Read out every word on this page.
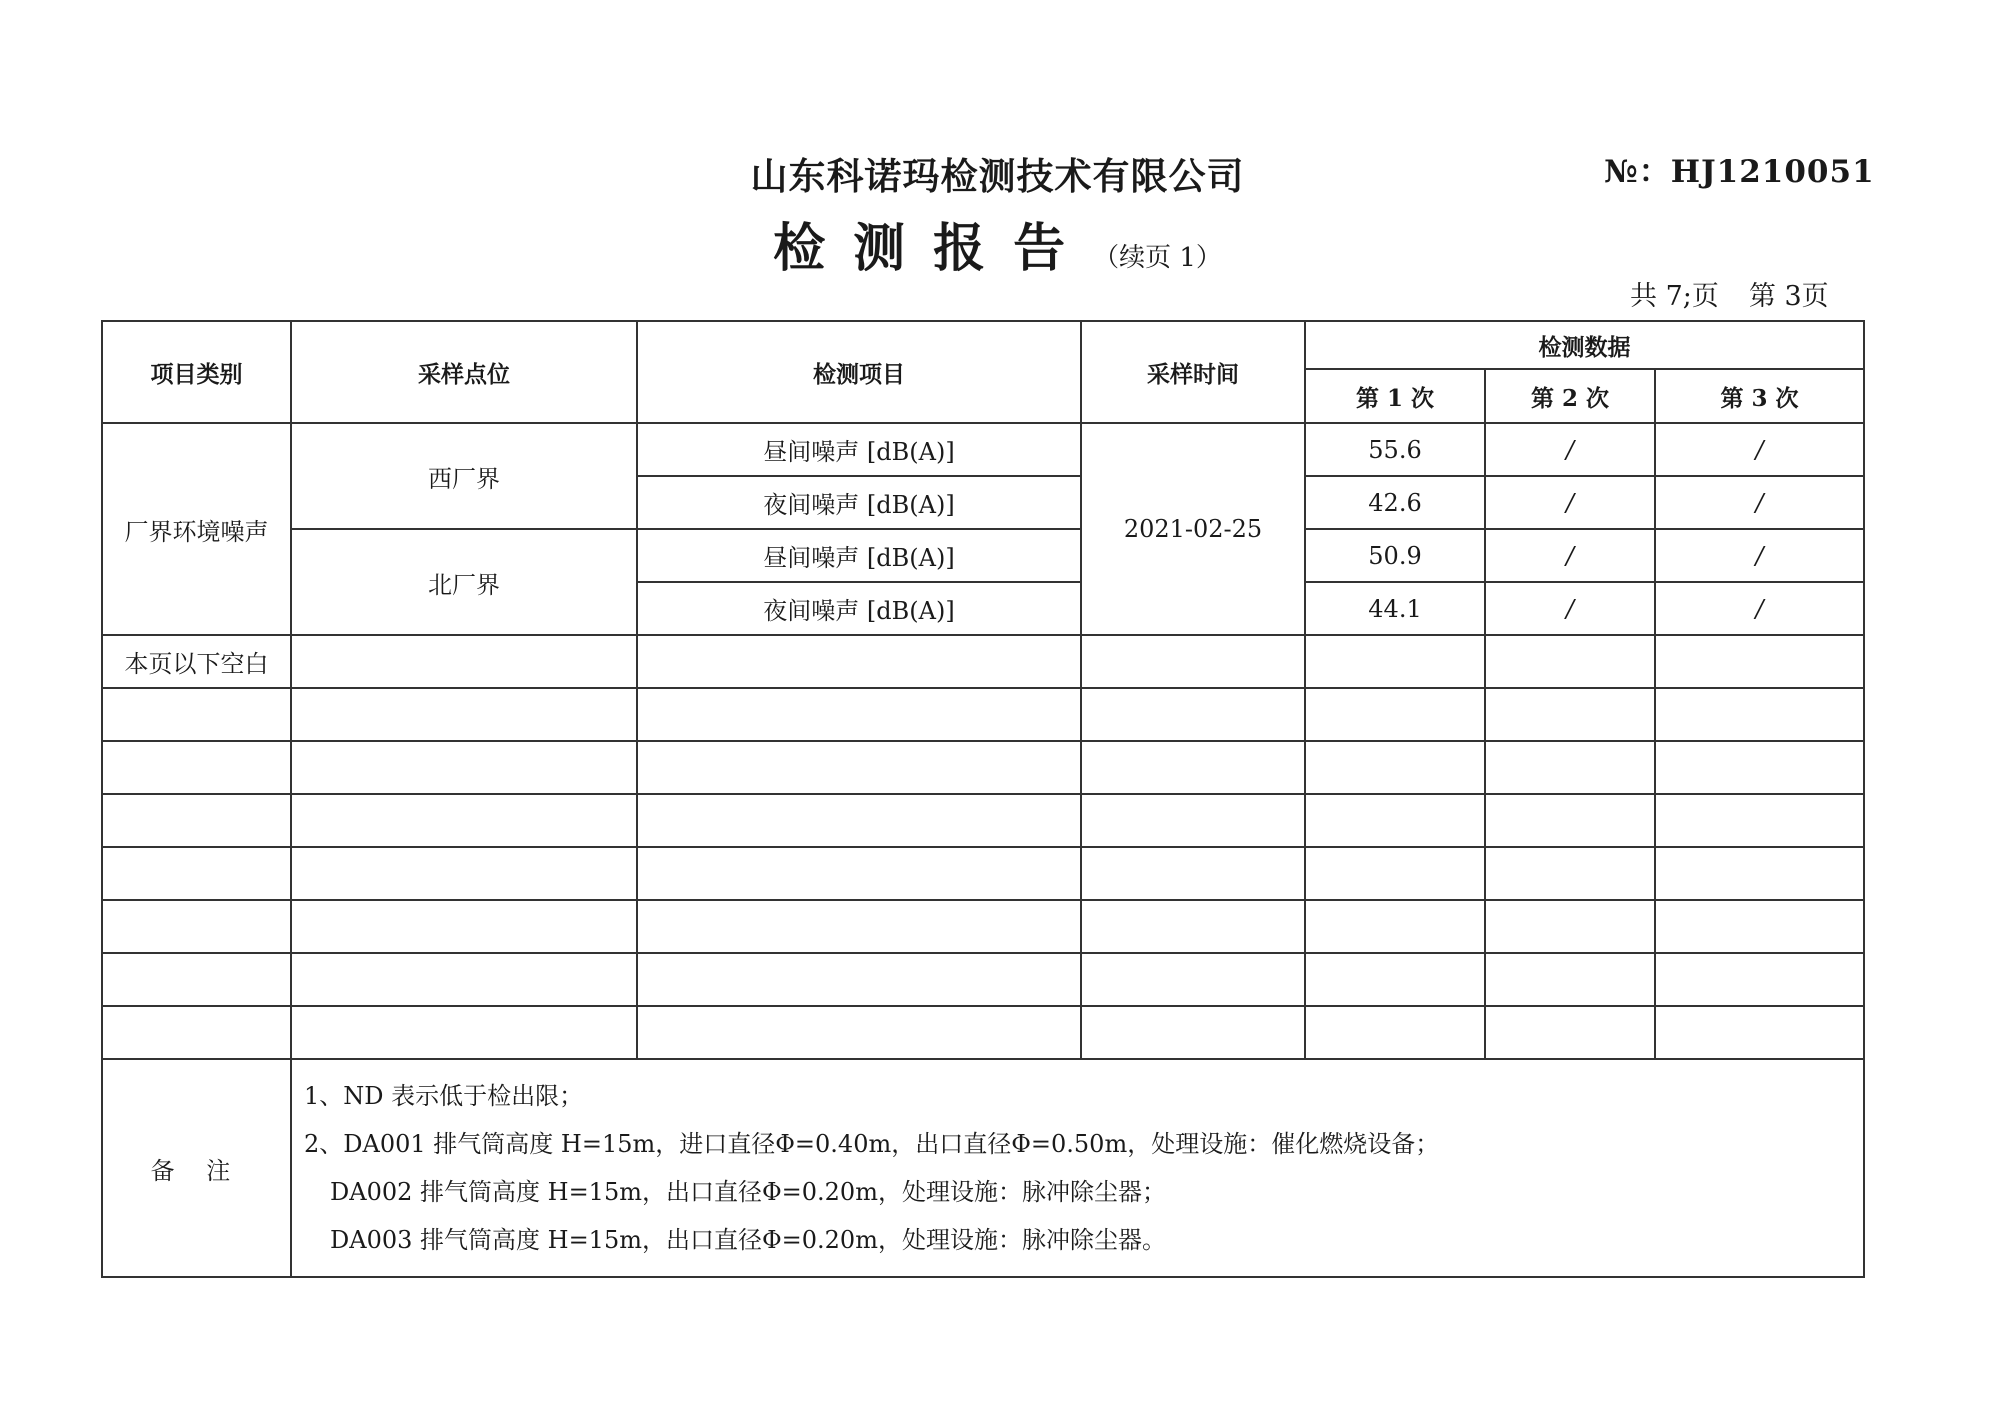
山东科诺玛检测技术有限公司	№：HJ1210051
检测报告（续页 1）
共 7;页 第 3页
项目类别	采样点位	检测项目	采样时间	检测数据		
				第 1 次	第 2 次	第 3 次
厂界环境噪声	西厂界	昼间噪声 [dB(A)]	2021-02-25	55.6	/	/
		夜间噪声 [dB(A)]		42.6	/	/
	北厂界	昼间噪声 [dB(A)]		50.9	/	/
		夜间噪声 [dB(A)]		44.1	/	/
本页以下空白						

备 注	1、ND 表示低于检出限；
2、DA001 排气筒高度 H=15m，进口直径Φ=0.40m，出口直径Φ=0.50m，处理设施：催化燃烧设备；
DA002 排气筒高度 H=15m，出口直径Φ=0.20m，处理设施：脉冲除尘器；
DA003 排气筒高度 H=15m，出口直径Φ=0.20m，处理设施：脉冲除尘器。					
